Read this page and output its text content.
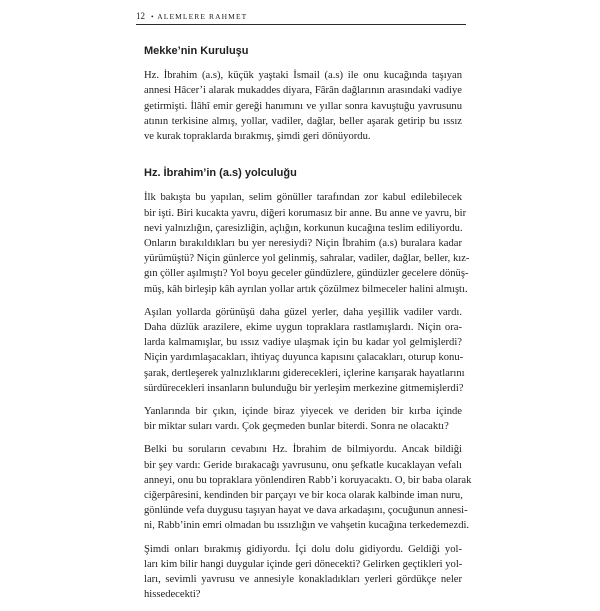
12 • ALEMLERE RAHMET
Mekke’nin Kuruluşu
Hz. İbrahim (a.s), küçük yaştaki İsmail (a.s) ile onu kucağında taşıyan
annesi Hâcer’i alarak mukaddes diyara, Fârân dağlarının arasındaki vadiye
getirmişti. İlâhî emir gereği hanımını ve yıllar sonra kavuştuğu yavrusunu
atının terkisine almış, yollar, vadiler, dağlar, beller aşarak getirip bu ıssız
ve kurak topraklarda bırakmış, şimdi geri dönüyordu.
Hz. İbrahim’in (a.s) yolculuğu
İlk bakışta bu yapılan, selim gönüller tarafından zor kabul edilebilecek
bir işti. Biri kucakta yavru, diğeri korumasız bir anne. Bu anne ve yavru, bir
nevi yalnızlığın, çaresizliğin, açlığın, korkunun kucağına teslim ediliyordu.
Onların bırakıldıkları bu yer neresiydi? Niçin İbrahim (a.s) buralara kadar
yürümüştü? Niçin günlerce yol gelinmiş, sahralar, vadiler, dağlar, beller, kız-
gın çöller aşılmıştı? Yol boyu geceler gündüzlere, gündüzler gecelere dönüş-
müş, kâh birleşip kâh ayrılan yollar artık çözülmez bilmeceler halini almıştı.
Aşılan yollarda görünüşü daha güzel yerler, daha yeşillik vadiler vardı.
Daha düzlük arazilere, ekime uygun topraklara rastlamışlardı. Niçin ora-
larda kalmamışlar, bu ıssız vadiye ulaşmak için bu kadar yol gelmişlerdi?
Niçin yardımlaşacakları, ihtiyaç duyunca kapısını çalacakları, oturup konu-
şarak, dertleşerek yalnızlıklarını giderecekleri, içlerine karışarak hayatlarını
sürdürecekleri insanların bulunduğu bir yerleşim merkezine gitmemişlerdi?
Yanlarında bir çıkın, içinde biraz yiyecek ve deriden bir kırba içinde
bir miktar suları vardı. Çok geçmeden bunlar biterdi. Sonra ne olacaktı?
Belki bu soruların cevabını Hz. İbrahim de bilmiyordu. Ancak bildiği
bir şey vardı: Geride bırakacağı yavrusunu, onu şefkatle kucaklayan vefalı
anneyi, onu bu topraklara yönlendiren Rabb’i koruyacaktı. O, bir baba olarak
ciğerpâresini, kendinden bir parçayı ve bir koca olarak kalbinde iman nuru,
gönlünde vefa duygusu taşıyan hayat ve dava arkadaşını, çocuğunun annesi-
ni, Rabb’inin emri olmadan bu ıssızlığın ve vahşetin kucağına terkedemezdi.
Şimdi onları bırakmış gidiyordu. İçi dolu dolu gidiyordu. Geldiği yol-
ları kim bilir hangi duygular içinde geri dönecekti? Gelirken geçtikleri yol-
ları, sevimli yavrusu ve annesiyle konakladıkları yerleri gördükçe neler
hissedecekti?
